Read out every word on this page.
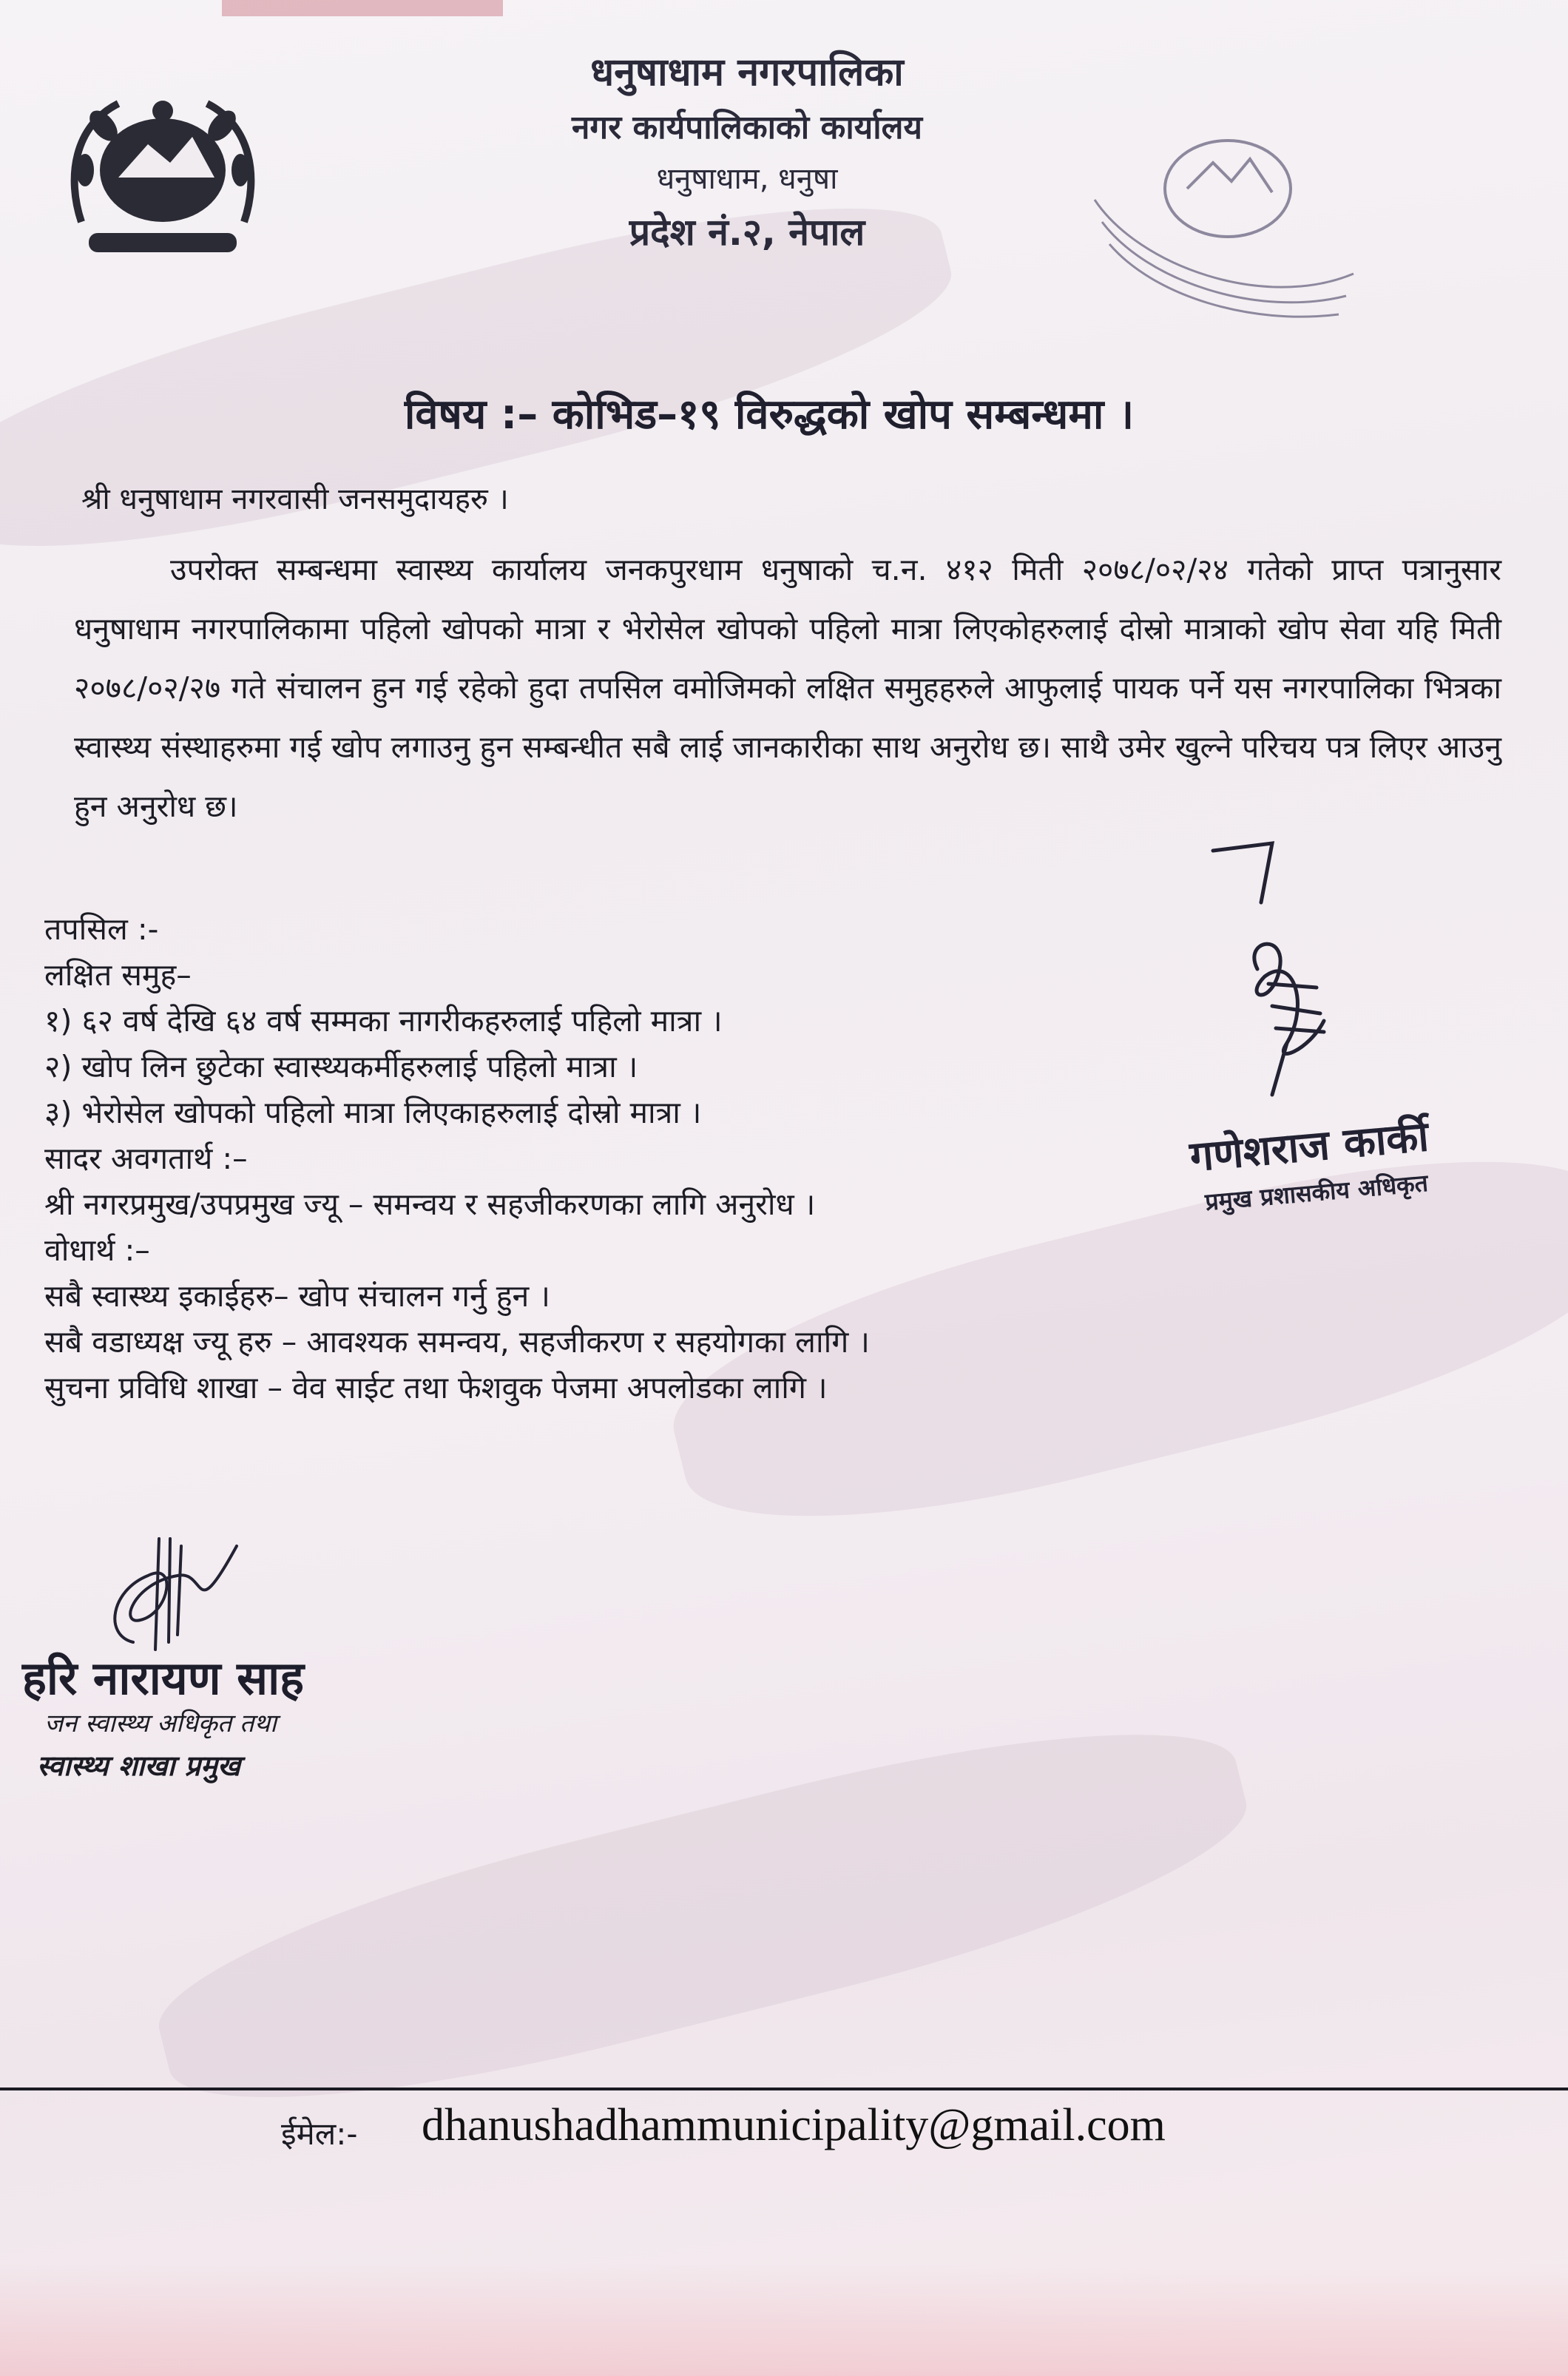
धनुषाधाम नगरपालिका
नगर कार्यपालिकाको कार्यालय
धनुषाधाम, धनुषा
प्रदेश नं.२, नेपाल
विषय :– कोभिड–१९ विरुद्धको खोप सम्बन्धमा ।
श्री धनुषाधाम नगरवासी जनसमुदायहरु ।
उपरोक्त सम्बन्धमा स्वास्थ्य कार्यालय जनकपुरधाम धनुषाको च.न. ४१२ मिती २०७८/०२/२४ गतेको प्राप्त पत्रानुसार धनुषाधाम नगरपालिकामा पहिलो खोपको मात्रा र भेरोसेल खोपको पहिलो मात्रा लिएकोहरुलाई दोस्रो मात्राको खोप सेवा यहि मिती २०७८/०२/२७ गते संचालन हुन गई रहेको हुदा तपसिल वमोजिमको लक्षित समुहहरुले आफुलाई पायक पर्ने यस नगरपालिका भित्रका स्वास्थ्य संस्थाहरुमा गई खोप लगाउनु हुन सम्बन्धीत सबै लाई जानकारीका साथ अनुरोध छ। साथै उमेर खुल्ने परिचय पत्र लिएर आउनु हुन अनुरोध छ।
तपसिल :-
लक्षित समुह–
१) ६२ वर्ष देखि ६४ वर्ष सम्मका नागरीकहरुलाई पहिलो मात्रा ।
२) खोप लिन छुटेका स्वास्थ्यकर्मीहरुलाई पहिलो मात्रा ।
३) भेरोसेल खोपको पहिलो मात्रा लिएकाहरुलाई दोस्रो मात्रा ।
सादर अवगतार्थ :–
श्री नगरप्रमुख/उपप्रमुख ज्यू – समन्वय र सहजीकरणका लागि अनुरोध ।
वोधार्थ :–
सबै स्वास्थ्य इकाईहरु– खोप संचालन गर्नु हुन ।
सबै वडाध्यक्ष ज्यू हरु – आवश्यक समन्वय, सहजीकरण र सहयोगका लागि ।
सुचना प्रविधि शाखा – वेव साईट तथा फेशवुक पेजमा अपलोडका लागि ।
गणेशराज कार्की
प्रमुख प्रशासकीय अधिकृत
हरि नारायण साह
जन स्वास्थ्य अधिकृत तथा
स्वास्थ्य शाखा प्रमुख
ईमेल:- dhanushadhammunicipality@gmail.com
